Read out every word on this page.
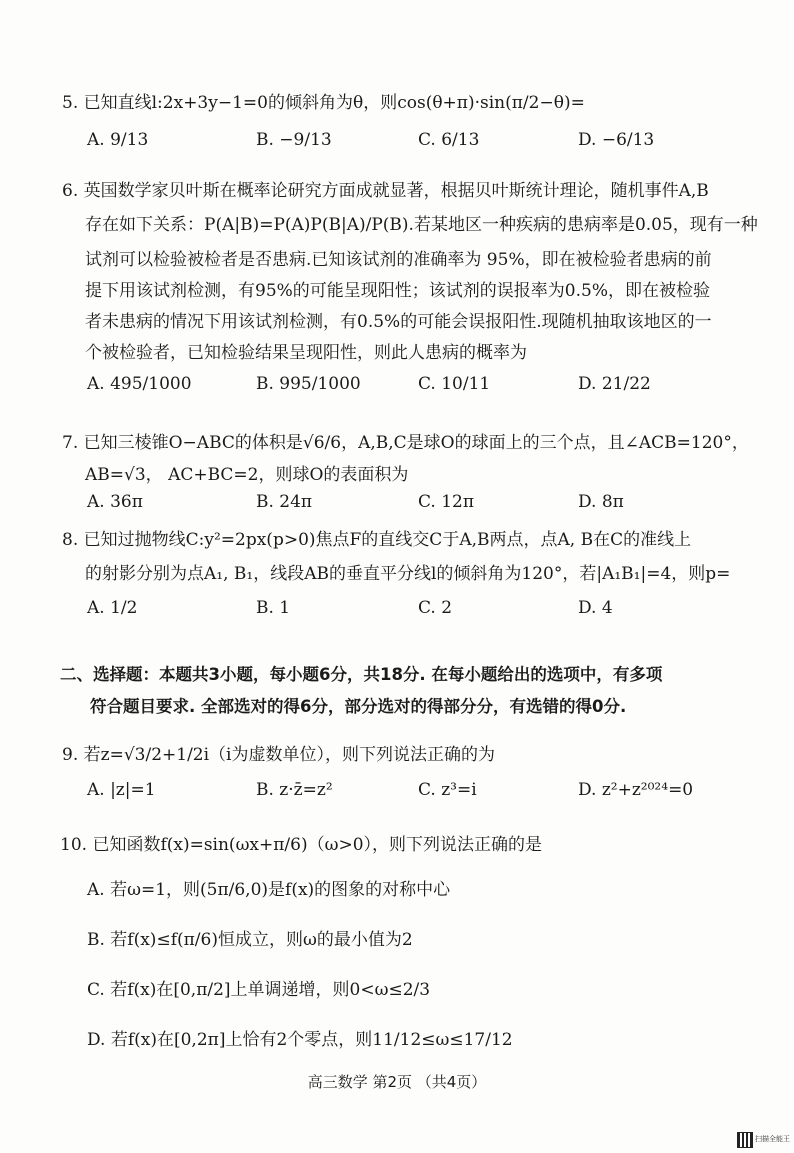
5. 已知直线l:2x+3y−1=0的倾斜角为θ，则cos(θ+π)·sin(π/2−θ)=
A. 9/13	B. −9/13	C. 6/13	D. −6/13
6. 英国数学家贝叶斯在概率论研究方面成就显著，根据贝叶斯统计理论，随机事件A,B
存在如下关系：P(A|B)=P(A)P(B|A)/P(B).若某地区一种疾病的患病率是0.05，现有一种
试剂可以检验被检者是否患病.已知该试剂的准确率为 95%，即在被检验者患病的前
提下用该试剂检测，有95%的可能呈现阳性；该试剂的误报率为0.5%，即在被检验
者未患病的情况下用该试剂检测，有0.5%的可能会误报阳性.现随机抽取该地区的一
个被检验者，已知检验结果呈现阳性，则此人患病的概率为
A. 495/1000	B. 995/1000	C. 10/11	D. 21/22
7. 已知三棱锥O−ABC的体积是√6/6，A,B,C是球O的球面上的三个点，且∠ACB=120°，
AB=√3， AC+BC=2，则球O的表面积为
A. 36π	B. 24π	C. 12π	D. 8π
8. 已知过抛物线C:y²=2px(p>0)焦点F的直线交C于A,B两点，点A, B在C的准线上
的射影分别为点A₁, B₁，线段AB的垂直平分线l的倾斜角为120°，若|A₁B₁|=4，则p=
A. 1/2	B. 1	C. 2	D. 4
二、选择题：本题共3小题，每小题6分，共18分. 在每小题给出的选项中，有多项
符合题目要求. 全部选对的得6分，部分选对的得部分分，有选错的得0分.
9. 若z=√3/2+1/2i（i为虚数单位），则下列说法正确的为
A. |z|=1	B. z·z̄=z²	C. z³=i	D. z²+z²⁰²⁴=0
10. 已知函数f(x)=sin(ωx+π/6)（ω>0），则下列说法正确的是
A. 若ω=1，则(5π/6,0)是f(x)的图象的对称中心
B. 若f(x)≤f(π/6)恒成立，则ω的最小值为2
C. 若f(x)在[0,π/2]上单调递增，则0<ω≤2/3
D. 若f(x)在[0,2π]上恰有2个零点，则11/12≤ω≤17/12
高三数学 第2页 （共4页）
扫描全能王
